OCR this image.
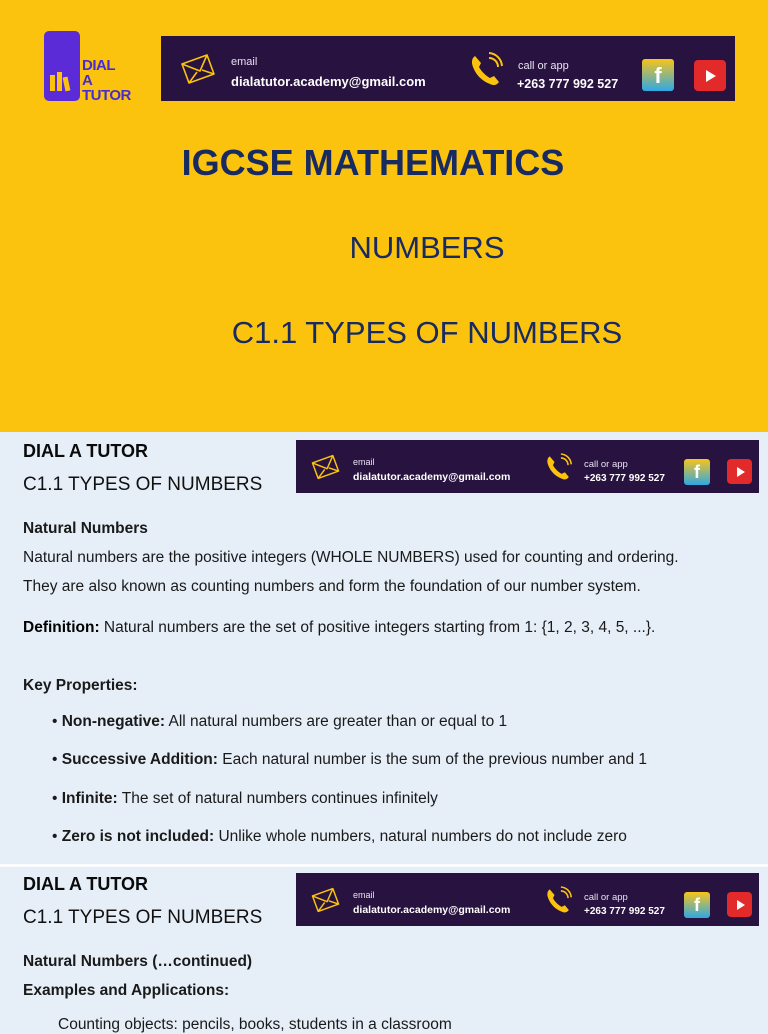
DIAL
A
TUTOR
email
dialatutor.academy@gmail.com
call or app
+263 777 992 527	f
IGCSE MATHEMATICS
NUMBERS
C1.1 TYPES OF NUMBERS
DIAL A TUTOR
C1.1 TYPES OF NUMBERS
email
dialatutor.academy@gmail.com
call or app
+263 777 992 527	f
Natural Numbers
Natural numbers are the positive integers (WHOLE NUMBERS) used for counting and ordering.
They are also known as counting numbers and form the foundation of our number system.
Definition: Natural numbers are the set of positive integers starting from 1: {1, 2, 3, 4, 5, ...}.
Key Properties:
• Non-negative: All natural numbers are greater than or equal to 1
• Successive Addition: Each natural number is the sum of the previous number and 1
• Infinite: The set of natural numbers continues infinitely
• Zero is not included: Unlike whole numbers, natural numbers do not include zero
DIAL A TUTOR
C1.1 TYPES OF NUMBERS
email
dialatutor.academy@gmail.com
call or app
+263 777 992 527	f
Natural Numbers (…continued)
Examples and Applications:
Counting objects: pencils, books, students in a classroom
